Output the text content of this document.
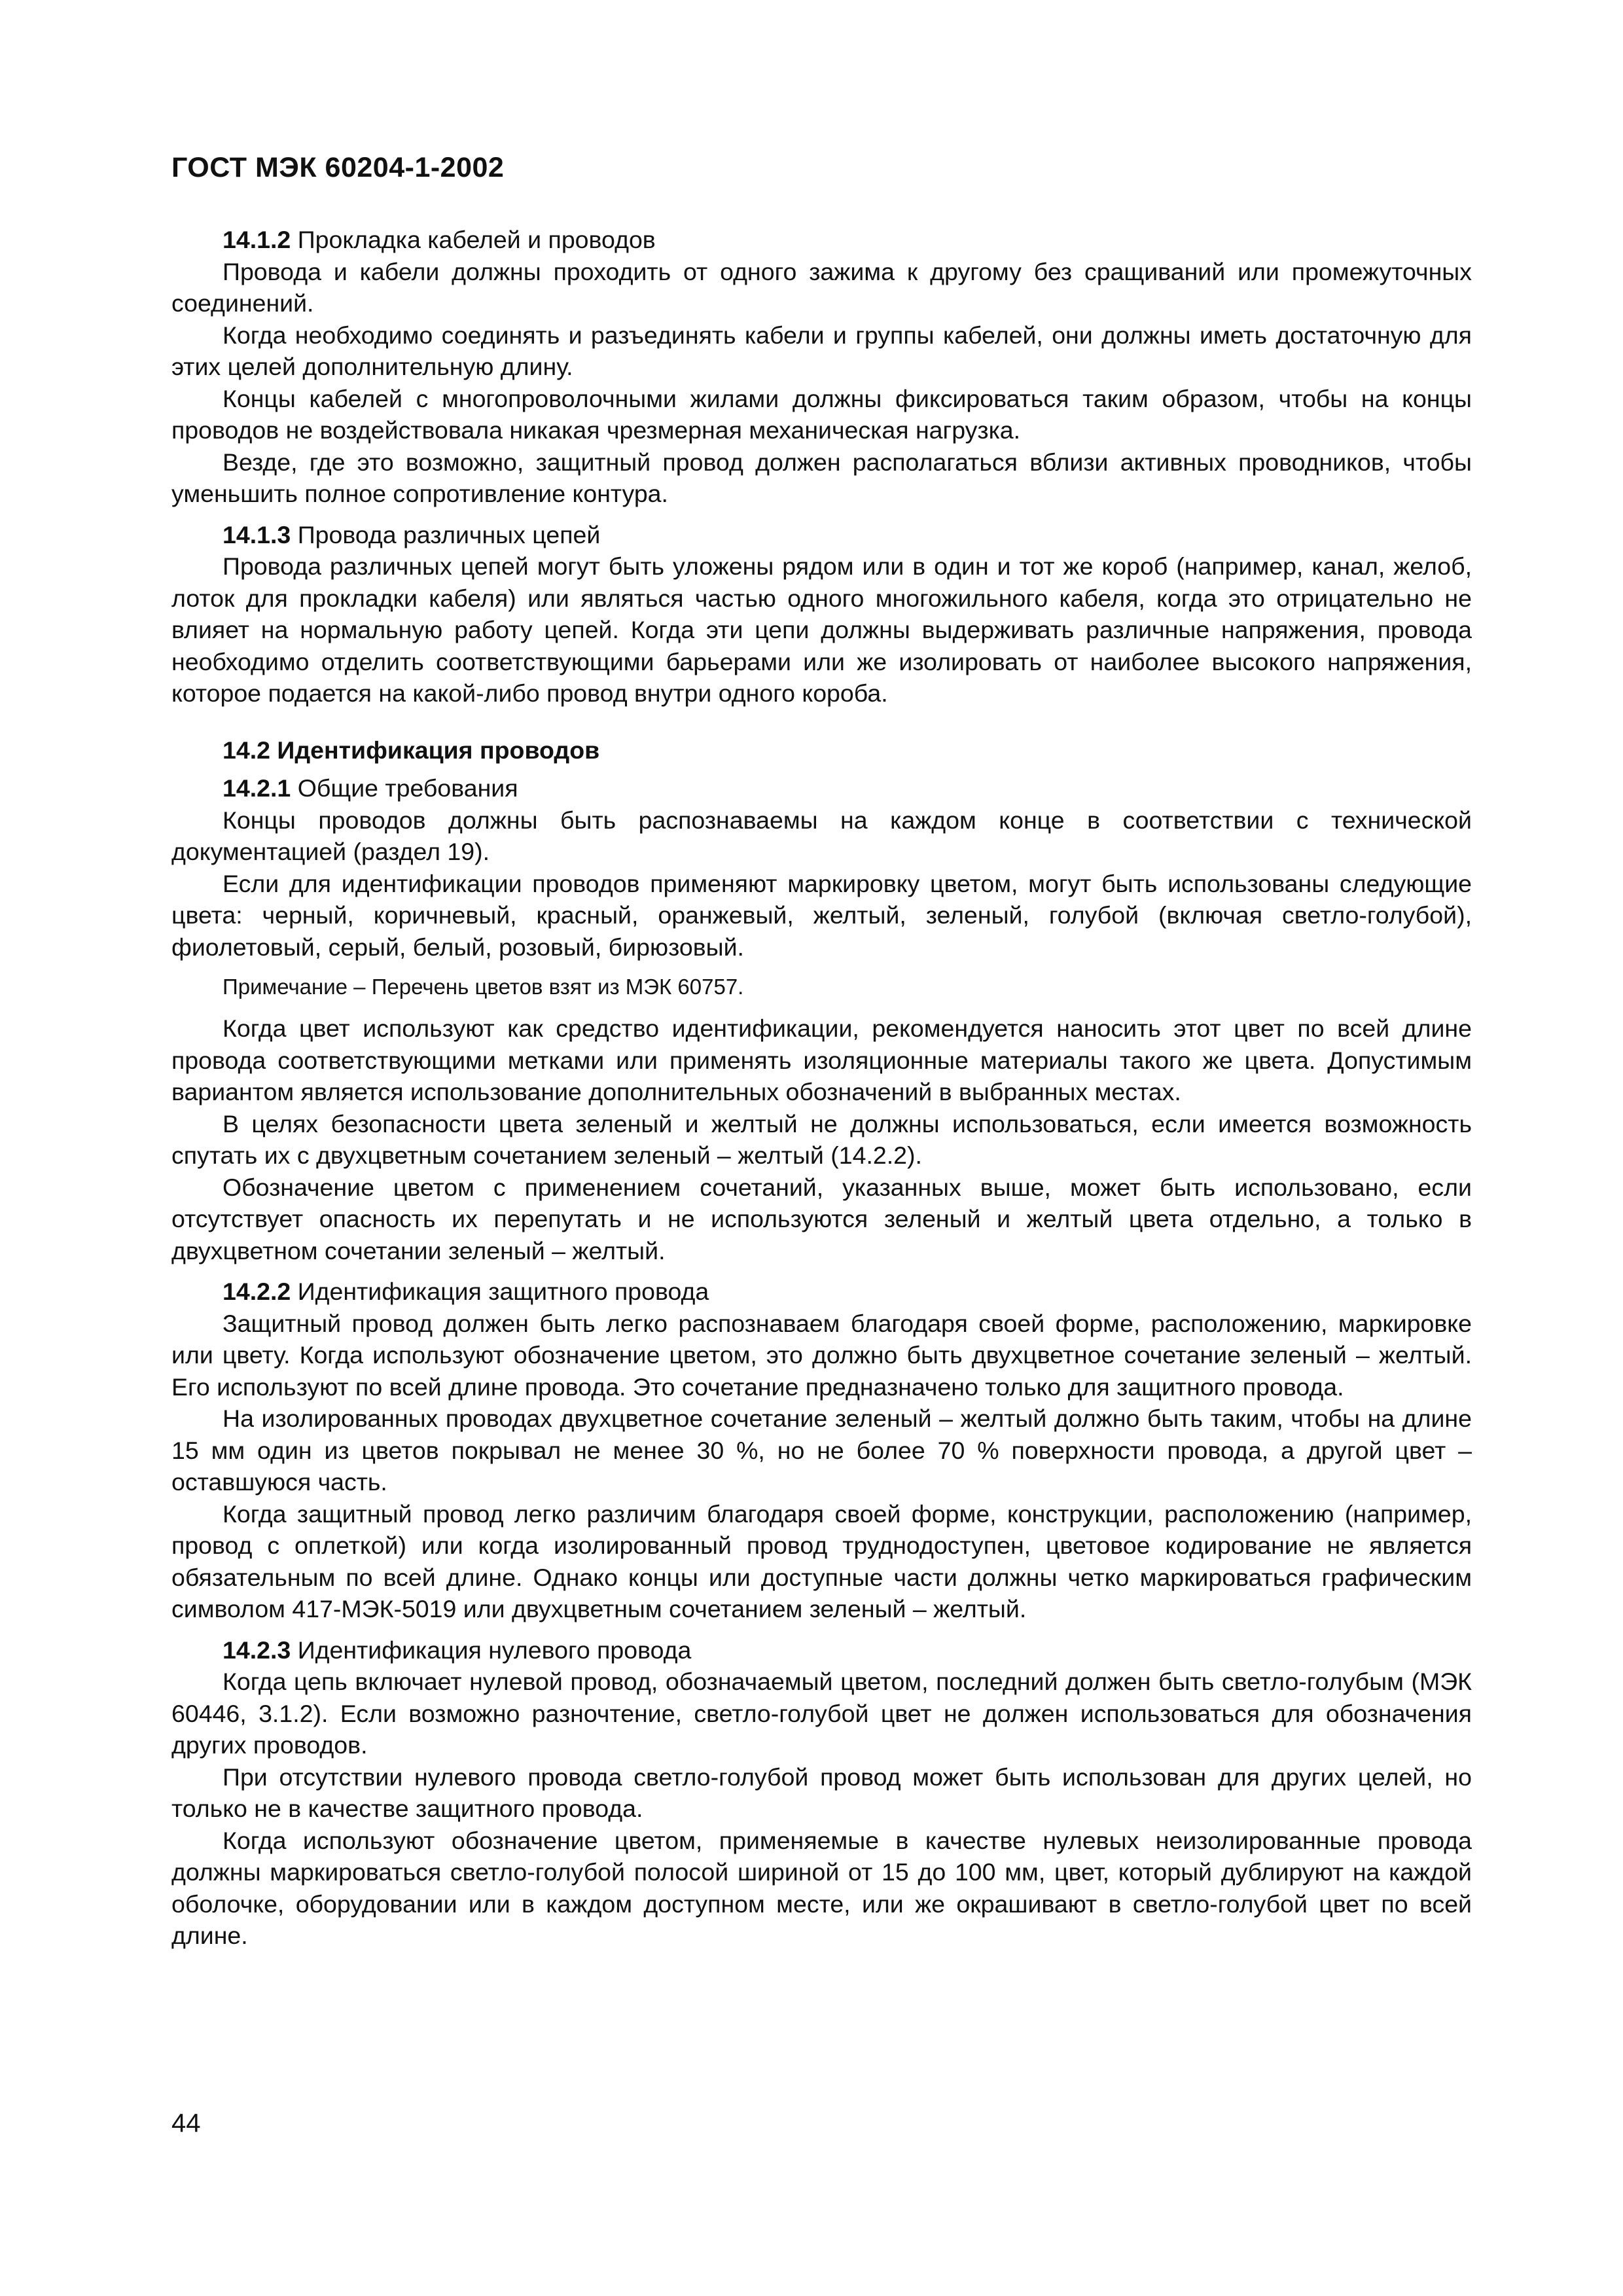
ГОСТ МЭК 60204-1-2002

14.1.2 Прокладка кабелей и проводов

Провода и кабели должны проходить от одного зажима к другому без сращиваний или промежуточных соединений.

Когда необходимо соединять и разъединять кабели и группы кабелей, они должны иметь достаточную для этих целей дополнительную длину.

Концы кабелей с многопроволочными жилами должны фиксироваться таким образом, чтобы на концы проводов не воздействовала никакая чрезмерная механическая нагрузка.

Везде, где это возможно, защитный провод должен располагаться вблизи активных проводников, чтобы уменьшить полное сопротивление контура.

14.1.3 Провода различных цепей

Провода различных цепей могут быть уложены рядом или в один и тот же короб (например, канал, желоб, лоток для прокладки кабеля) или являться частью одного многожильного кабеля, когда это отрицательно не влияет на нормальную работу цепей. Когда эти цепи должны выдерживать различные напряжения, провода необходимо отделить соответствующими барьерами или же изолировать от наиболее высокого напряжения, которое подается на какой-либо провод внутри одного короба.

14.2 Идентификация проводов

14.2.1 Общие требования

Концы проводов должны быть распознаваемы на каждом конце в соответствии с технической документацией (раздел 19).

Если для идентификации проводов применяют маркировку цветом, могут быть использованы следующие цвета: черный, коричневый, красный, оранжевый, желтый, зеленый, голубой (включая светло-голубой), фиолетовый, серый, белый, розовый, бирюзовый.

Примечание – Перечень цветов взят из МЭК 60757.

Когда цвет используют как средство идентификации, рекомендуется наносить этот цвет по всей длине провода соответствующими метками или применять изоляционные материалы такого же цвета. Допустимым вариантом является использование дополнительных обозначений в выбранных местах.

В целях безопасности цвета зеленый и желтый не должны использоваться, если имеется возможность спутать их с двухцветным сочетанием зеленый – желтый (14.2.2).

Обозначение цветом с применением сочетаний, указанных выше, может быть использовано, если отсутствует опасность их перепутать и не используются зеленый и желтый цвета отдельно, а только в двухцветном сочетании зеленый – желтый.

14.2.2 Идентификация защитного провода

Защитный провод должен быть легко распознаваем благодаря своей форме, расположению, маркировке или цвету. Когда используют обозначение цветом, это должно быть двухцветное сочетание зеленый – желтый. Его используют по всей длине провода. Это сочетание предназначено только для защитного провода.

На изолированных проводах двухцветное сочетание зеленый – желтый должно быть таким, чтобы на длине 15 мм один из цветов покрывал не менее 30 %, но не более 70 % поверхности провода, а другой цвет – оставшуюся часть.

Когда защитный провод легко различим благодаря своей форме, конструкции, расположению (например, провод с оплеткой) или когда изолированный провод труднодоступен, цветовое кодирование не является обязательным по всей длине. Однако концы или доступные части должны четко маркироваться графическим символом 417-МЭК-5019 или двухцветным сочетанием зеленый – желтый.

14.2.3 Идентификация нулевого провода

Когда цепь включает нулевой провод, обозначаемый цветом, последний должен быть светло-голубым (МЭК 60446, 3.1.2). Если возможно разночтение, светло-голубой цвет не должен использоваться для обозначения других проводов.

При отсутствии нулевого провода светло-голубой провод может быть использован для других целей, но только не в качестве защитного провода.

Когда используют обозначение цветом, применяемые в качестве нулевых неизолированные провода должны маркироваться светло-голубой полосой шириной от 15 до 100 мм, цвет, который дублируют на каждой оболочке, оборудовании или в каждом доступном месте, или же окрашивают в светло-голубой цвет по всей длине.

44
